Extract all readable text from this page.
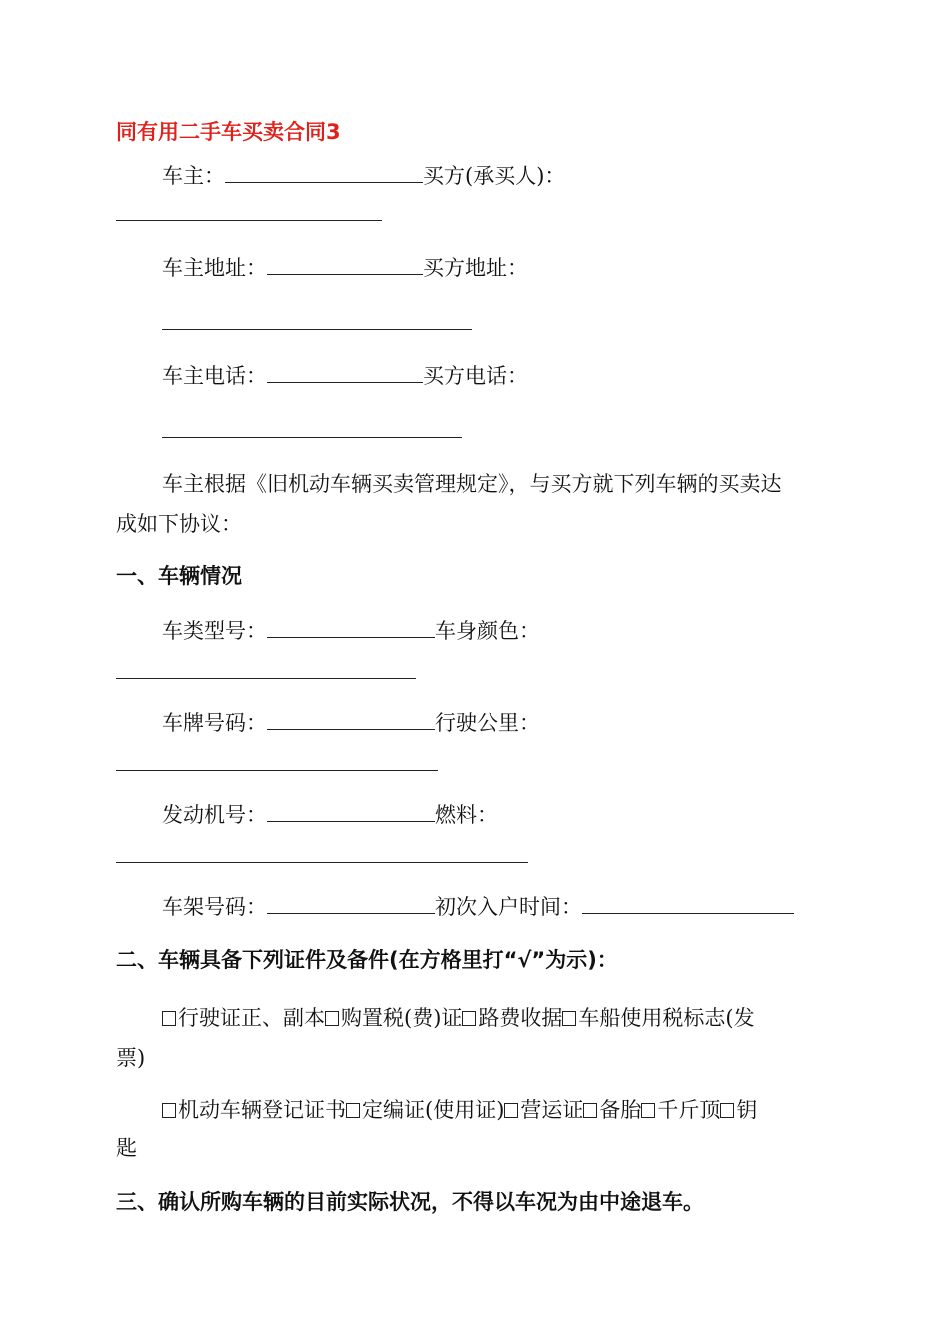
同有用二手车买卖合同3
车主：	买方(承买人)：
车主地址：	买方地址：
车主电话：	买方电话：
车主根据《旧机动车辆买卖管理规定》，与买方就下列车辆的买卖达
成如下协议：
一、车辆情况
车类型号：	车身颜色：
车牌号码：	行驶公里：
发动机号：	燃料：
车架号码：	初次入户时间：
二、车辆具备下列证件及备件(在方格里打“√”为示)：
行驶证正、副本 购置税(费)证 路费收据 车船使用税标志(发
票)
机动车辆登记证书 定编证(使用证) 营运证 备胎 千斤顶 钥
匙
三、确认所购车辆的目前实际状况，不得以车况为由中途退车。
